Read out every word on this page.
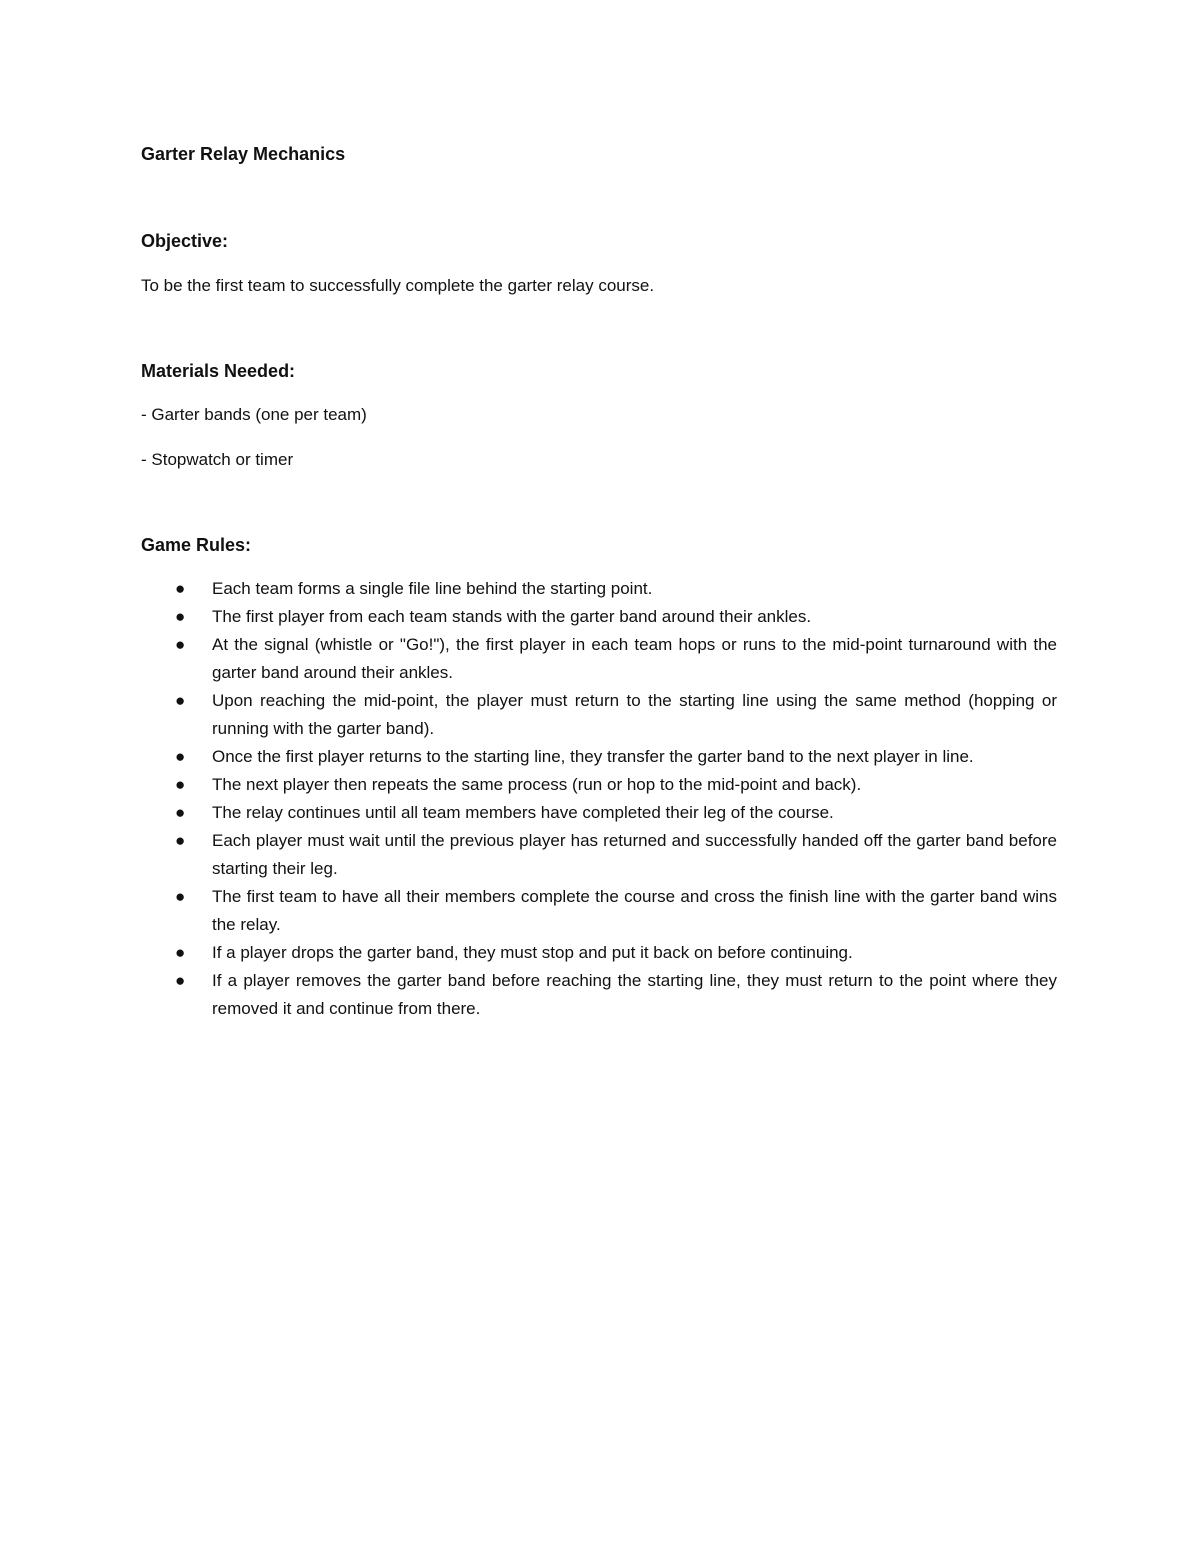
Garter Relay Mechanics

Objective:

To be the first team to successfully complete the garter relay course.

Materials Needed:

- Garter bands (one per team)

- Stopwatch or timer

Game Rules:

● Each team forms a single file line behind the starting point.
● The first player from each team stands with the garter band around their ankles.
● At the signal (whistle or "Go!"), the first player in each team hops or runs to the mid-point turnaround with the garter band around their ankles.
● Upon reaching the mid-point, the player must return to the starting line using the same method (hopping or running with the garter band).
● Once the first player returns to the starting line, they transfer the garter band to the next player in line.
● The next player then repeats the same process (run or hop to the mid-point and back).
● The relay continues until all team members have completed their leg of the course.
● Each player must wait until the previous player has returned and successfully handed off the garter band before starting their leg.
● The first team to have all their members complete the course and cross the finish line with the garter band wins the relay.
● If a player drops the garter band, they must stop and put it back on before continuing.
● If a player removes the garter band before reaching the starting line, they must return to the point where they removed it and continue from there.
